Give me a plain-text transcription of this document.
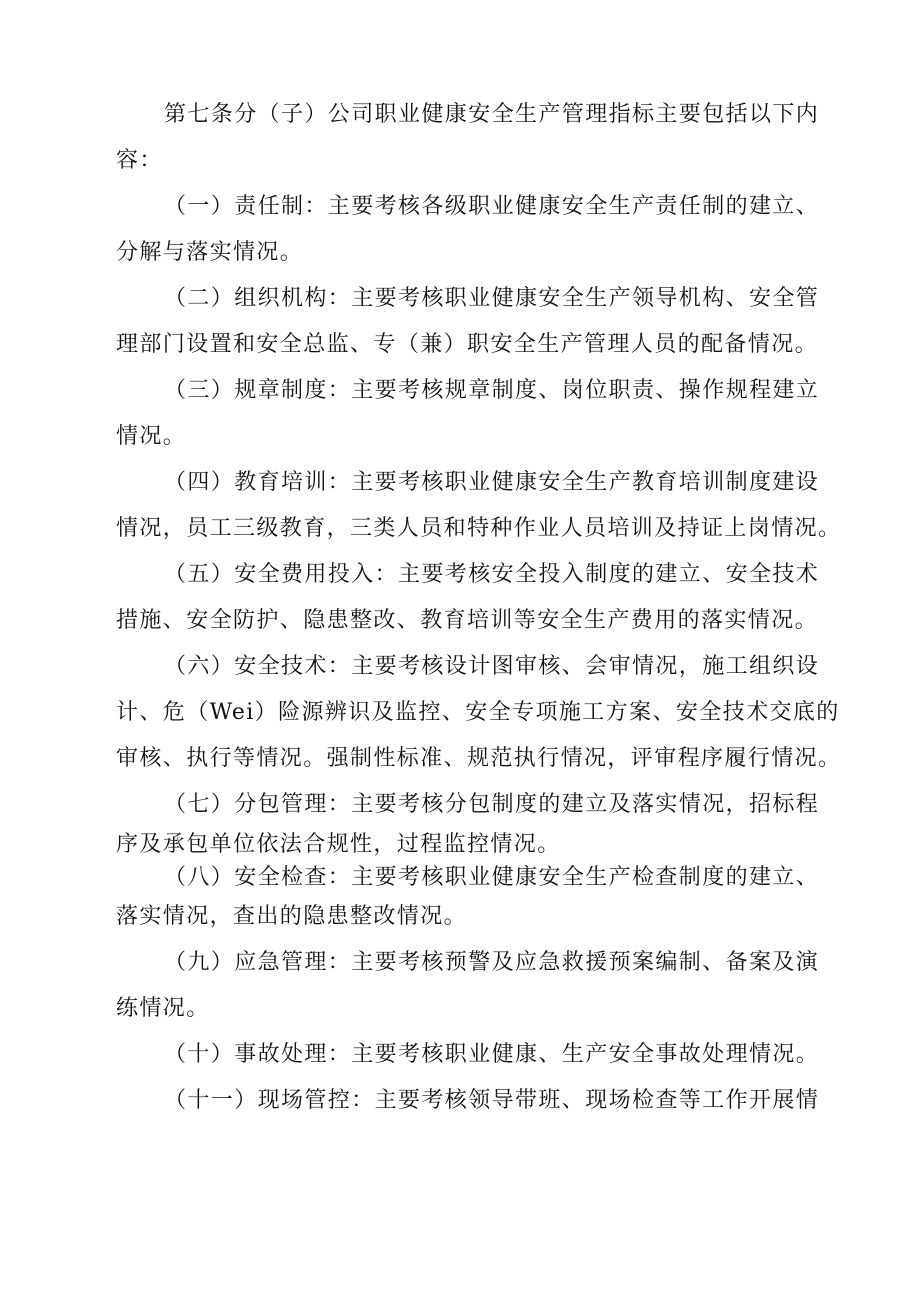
第七条分（子）公司职业健康安全生产管理指标主要包括以下内
容：
（一）责任制：主要考核各级职业健康安全生产责任制的建立、
分解与落实情况。
（二）组织机构：主要考核职业健康安全生产领导机构、安全管
理部门设置和安全总监、专（兼）职安全生产管理人员的配备情况。
（三）规章制度：主要考核规章制度、岗位职责、操作规程建立
情况。
（四）教育培训：主要考核职业健康安全生产教育培训制度建设
情况，员工三级教育，三类人员和特种作业人员培训及持证上岗情况。
（五）安全费用投入：主要考核安全投入制度的建立、安全技术
措施、安全防护、隐患整改、教育培训等安全生产费用的落实情况。
（六）安全技术：主要考核设计图审核、会审情况，施工组织设
计、危（Wei）险源辨识及监控、安全专项施工方案、安全技术交底的
审核、执行等情况。强制性标准、规范执行情况，评审程序履行情况。
（七）分包管理：主要考核分包制度的建立及落实情况，招标程
序及承包单位依法合规性，过程监控情况。
（八）安全检查：主要考核职业健康安全生产检查制度的建立、
落实情况，查出的隐患整改情况。
（九）应急管理：主要考核预警及应急救援预案编制、备案及演
练情况。
（十）事故处理：主要考核职业健康、生产安全事故处理情况。
（十一）现场管控：主要考核领导带班、现场检查等工作开展情
